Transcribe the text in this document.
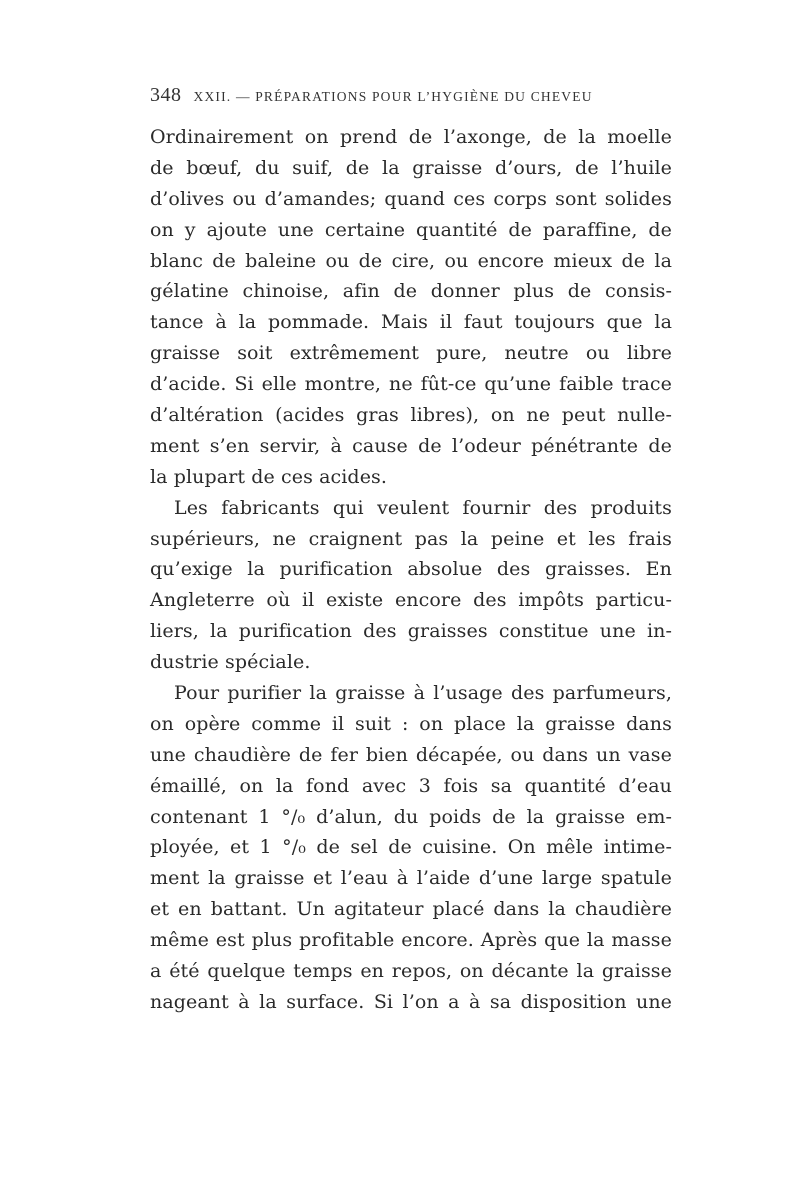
348 XXII. — PRÉPARATIONS POUR L’HYGIÈNE DU CHEVEU
Ordinairement on prend de l’axonge, de la moelle
de bœuf, du suif, de la graisse d’ours, de l’huile
d’olives ou d’amandes; quand ces corps sont solides
on y ajoute une certaine quantité de paraffine, de
blanc de baleine ou de cire, ou encore mieux de la
gélatine chinoise, afin de donner plus de consis-
tance à la pommade. Mais il faut toujours que la
graisse soit extrêmement pure, neutre ou libre
d’acide. Si elle montre, ne fût-ce qu’une faible trace
d’altération (acides gras libres), on ne peut nulle-
ment s’en servir, à cause de l’odeur pénétrante de
la plupart de ces acides.
Les fabricants qui veulent fournir des produits
supérieurs, ne craignent pas la peine et les frais
qu’exige la purification absolue des graisses. En
Angleterre où il existe encore des impôts particu-
liers, la purification des graisses constitue une in-
dustrie spéciale.
Pour purifier la graisse à l’usage des parfumeurs,
on opère comme il suit : on place la graisse dans
une chaudière de fer bien décapée, ou dans un vase
émaillé, on la fond avec 3 fois sa quantité d’eau
contenant 1 °/₀ d’alun, du poids de la graisse em-
ployée, et 1 °/₀ de sel de cuisine. On mêle intime-
ment la graisse et l’eau à l’aide d’une large spatule
et en battant. Un agitateur placé dans la chaudière
même est plus profitable encore. Après que la masse
a été quelque temps en repos, on décante la graisse
nageant à la surface. Si l’on a à sa disposition une
